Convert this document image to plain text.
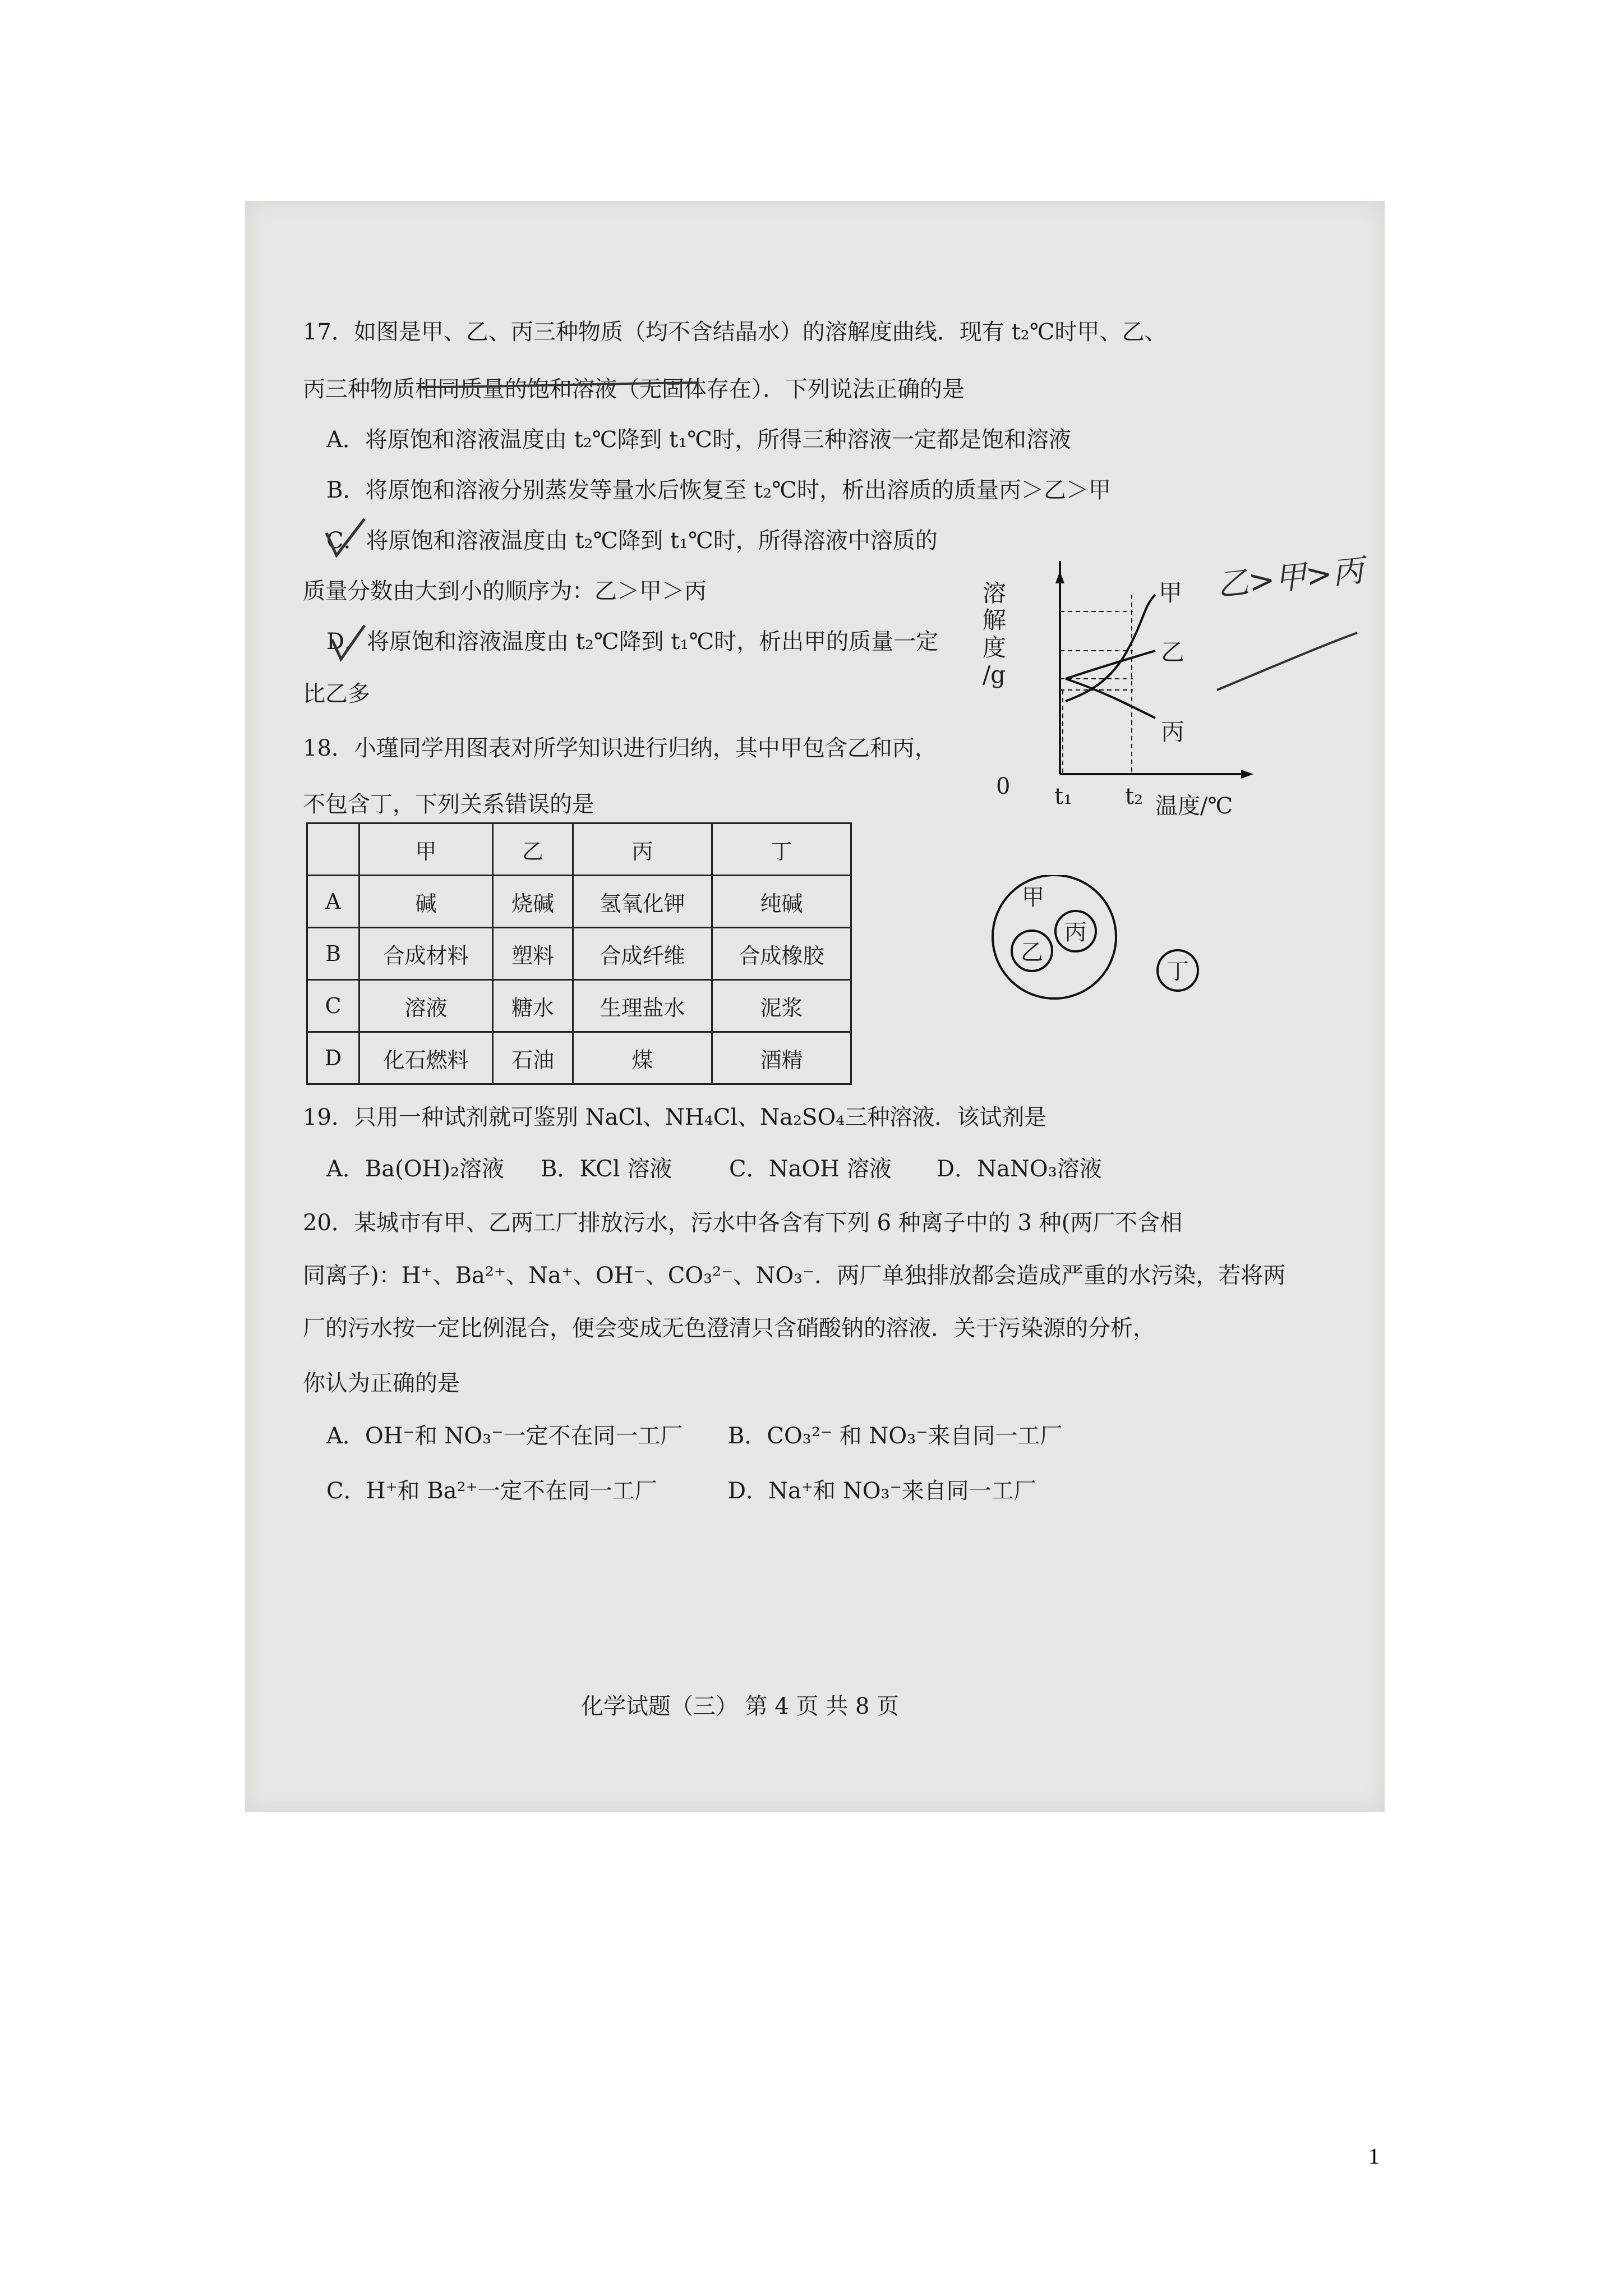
17．如图是甲、乙、丙三种物质（均不含结晶水）的溶解度曲线．现有 t₂℃时甲、乙、
丙三种物质相同质量的饱和溶液（无固体存在）．下列说法正确的是
A．将原饱和溶液温度由 t₂℃降到 t₁℃时，所得三种溶液一定都是饱和溶液
B．将原饱和溶液分别蒸发等量水后恢复至 t₂℃时，析出溶质的质量丙＞乙＞甲
C．将原饱和溶液温度由 t₂℃降到 t₁℃时，所得溶液中溶质的
质量分数由大到小的顺序为：乙＞甲＞丙
D．将原饱和溶液温度由 t₂℃降到 t₁℃时，析出甲的质量一定
比乙多
溶
解
度
/g
甲
乙
丙
0 t₁ t₂ 温度/℃
乙>甲>丙
18．小瑾同学用图表对所学知识进行归纳，其中甲包含乙和丙，
不包含丁，下列关系错误的是
	甲	乙	丙	丁
A	碱	烧碱	氢氧化钾	纯碱
B	合成材料	塑料	合成纤维	合成橡胶
C	溶液	糖水	生理盐水	泥浆
D	化石燃料	石油	煤	酒精
甲
乙
丙
丁
19．只用一种试剂就可鉴别 NaCl、NH₄Cl、Na₂SO₄三种溶液．该试剂是
A．Ba(OH)₂溶液 B．KCl 溶液	C．NaOH 溶液 D．NaNO₃溶液
20．某城市有甲、乙两工厂排放污水，污水中各含有下列 6 种离子中的 3 种(两厂不含相
同离子)：H⁺、Ba²⁺、Na⁺、OH⁻、CO₃²⁻、NO₃⁻．两厂单独排放都会造成严重的水污染，若将两
厂的污水按一定比例混合，便会变成无色澄清只含硝酸钠的溶液．关于污染源的分析，
你认为正确的是
A．OH⁻和 NO₃⁻一定不在同一工厂 B．CO₃²⁻ 和 NO₃⁻来自同一工厂
C．H⁺和 Ba²⁺一定不在同一工厂	D．Na⁺和 NO₃⁻来自同一工厂
化学试题（三） 第 4 页 共 8 页
1
